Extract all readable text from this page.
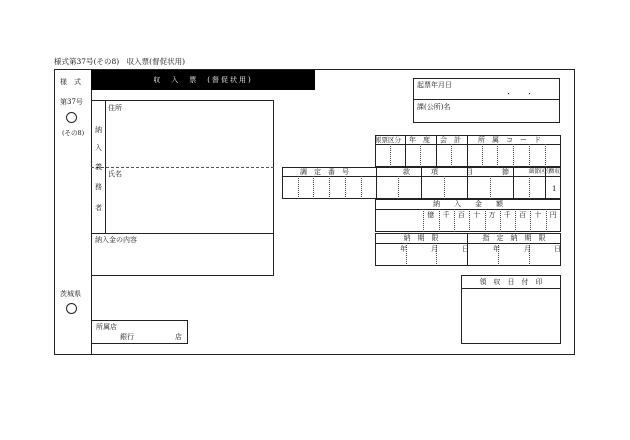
様式第37号(その8)　収入票(督促状用)
様　式
第37号
(その8)
茨城県
収　入　票　(督促状用)
納
入
義
務
者
住所
氏名
納入金の内容
所属店
銀行	店
起票年月日
・　　・
課(公所)名
帳票区分 年　度 会　計 所　属　コ　ー　ド
調　定　番　号	款	項	目	節	細節区分
徴収
1
納　　入　　金　　額
億 千 百 十 万 千 百 十 円
納　期　限	指　定　納　期　限
年	月	日	年	月	日
領　収　日　付　印
